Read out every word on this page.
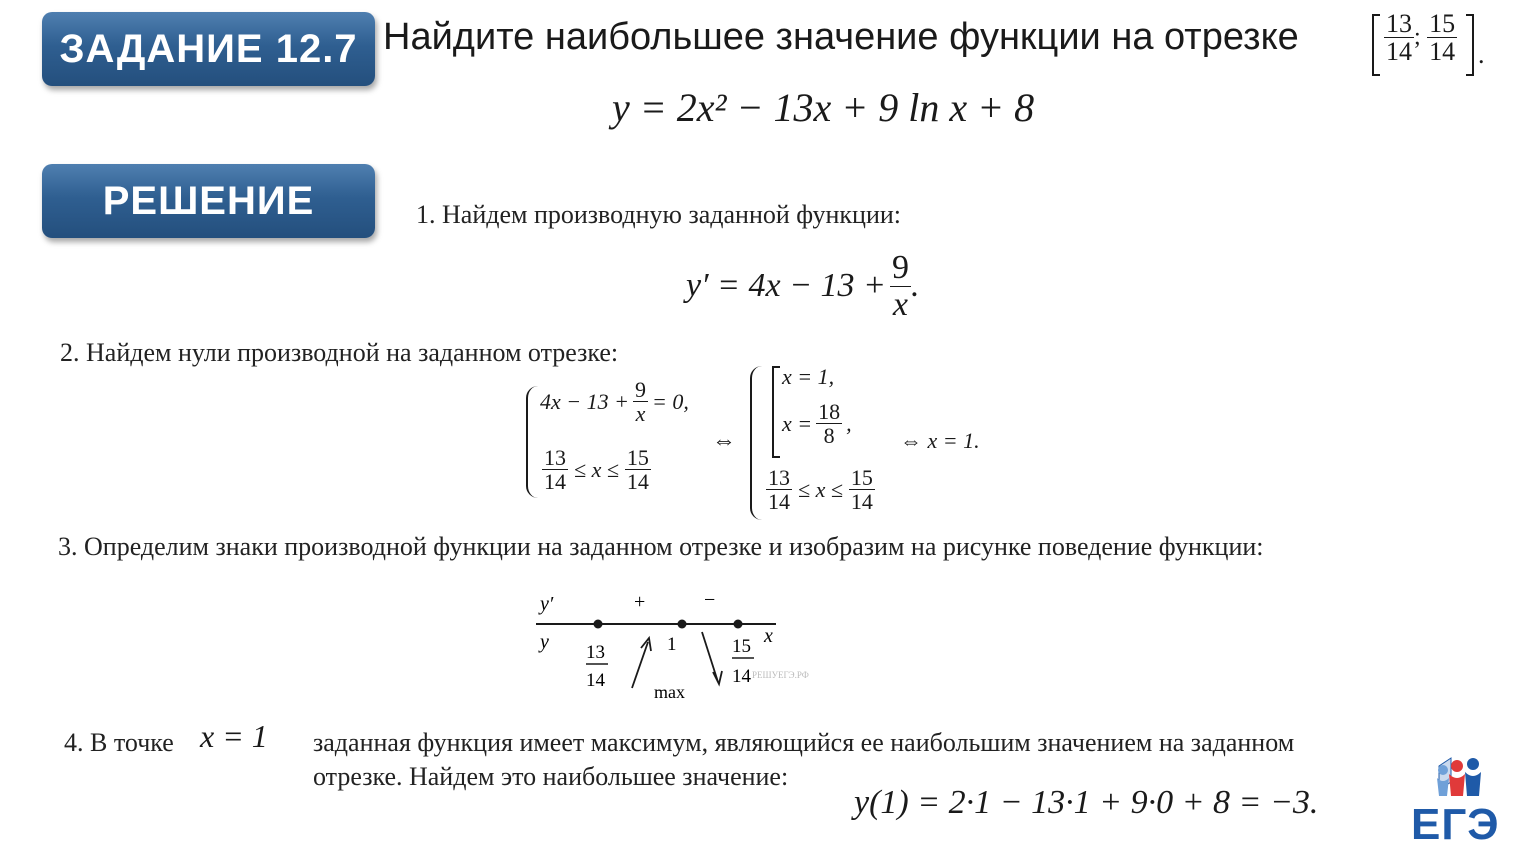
ЗАДАНИЕ 12.7
РЕШЕНИЕ
Найдите наибольшее значение функции на отрезке	$\frac{13}{14}$ ; $\frac{15}{14}$ .
y = 2x² − 13x + 9 ln x + 8
1. Найдем производную заданной функции:
$y' = 4x - 13 + \frac{9}{x}$ .
2. Найдем нули производной на заданном отрезке:
$4x - 13 + \frac{9}{x} = 0$,
$\frac{13}{14} \le x \le \frac{15}{14}$
⇔
x = 1,
$x = \frac{18}{8}$ ,
$\frac{13}{14} \le x \le \frac{15}{14}$
⇔ x = 1.
3. Определим знаки производной функции на заданном отрезке и изобразим на рисунке поведение функции:
y′
y	x
+	−
13
14
1	15
14 РЕШУЕГЭ.РФ
max
4. В точке x = 1 заданная функция имеет максимум, являющийся ее наибольшим значением на заданном
отрезке. Найдем это наибольшее значение:
y(1) = 2·1 − 13·1 + 9·0 + 8 = −3. ЕГЭ
